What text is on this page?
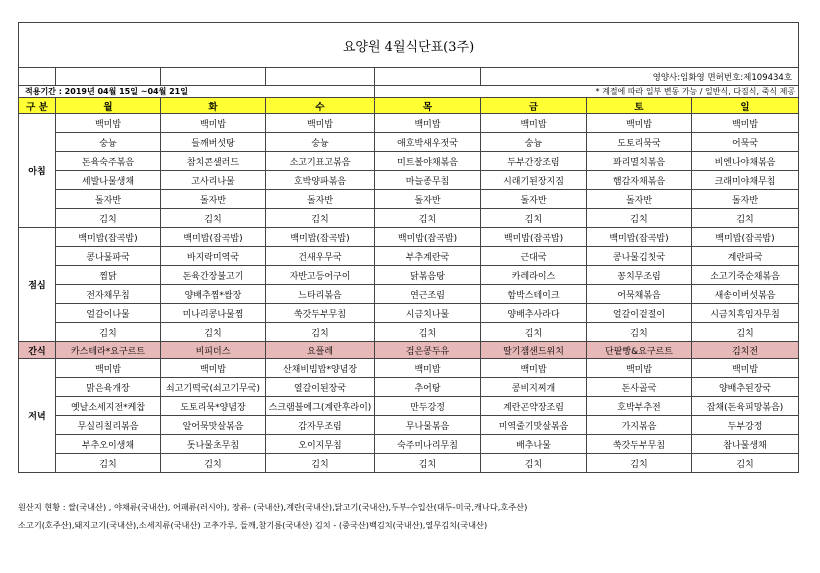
요양원 4월식단표(3주)							
					영양사:임화영 면허번호:제109434호		
적용기간 : 2019년 04월 15일 ~04월 21일				* 계절에 따라 일부 변동 가능 / 일반식, 다짐식, 죽식 제공			
구 분	월	화	수	목	금	토	일
아침	백미밥	백미밥	백미밥	백미밥	백미밥	백미밥	백미밥
	숭늉	들깨버섯탕	숭늉	애호박새우젓국	숭늉	도토리묵국	어묵국
	돈육숙주볶음	참치콘샐러드	소고기표고볶음	미트볼야채볶음	두부간장조림	꽈리멸치볶음	비엔나야채볶음
	세발나물생채	고사리나물	호박양파볶음	마늘종무침	시래기된장지짐	햄감자채볶음	크래미야채무침
	돌자반	돌자반	돌자반	돌자반	돌자반	돌자반	돌자반
	김치	김치	김치	김치	김치	김치	김치
점심	백미밥(잡곡밥)	백미밥(잡곡밥)	백미밥(잡곡밥)	백미밥(잡곡밥)	백미밥(잡곡밥)	백미밥(잡곡밥)	백미밥(잡곡밥)
	콩나물파국	바지락미역국	건새우무국	부추계란국	근대국	콩나물김칫국	계란파국
	찜닭	돈육간장불고기	자반고등어구이	닭볶음탕	카레라이스	꽁치무조림	소고기죽순채볶음
	전자채무침	양배추찜*쌈장	느타리볶음	연근조림	함박스테이크	어묵채볶음	새송이버섯볶음
	얼갈이나물	미나리콩나물찜	쑥갓두부무침	시금치나물	양배추사라다	얼갈이겉절이	시금치흑임자무침
	김치	김치	김치	김치	김치	김치	김치
간식	카스테라*요구르트	비피더스	요플레	검은콩두유	딸기잼샌드위치	단팥빵&요구르트	김치전
저녁	백미밥	백미밥	산채비빔밥*양념장	백미밥	백미밥	백미밥	백미밥
	맑은육개장	쇠고기떡국(쇠고기무국)	열갈이된장국	추어탕	콩비지찌개	돈사골국	양배추된장국
	옛날소세지전*케찹	도토리묵*양념장	스크램블에그(계란후라이)	만두강정	계란곤약장조림	호박부추전	잡채(돈육피망볶음)
	무실리칠리볶음	알어묵맛살볶음	감자무조림	무나물볶음	미역줄기맛살볶음	가지볶음	두부강정
	부추오이생채	돗나물초무침	오이지무침	숙주미나리무침	배추나물	쑥갓두부무침	참나물생채
	김치	김치	김치	김치	김치	김치	김치
원산지 현황 : 쌀(국내산) , 야채류(국내산), 어패류(러시아), 장류- (국내산),계란(국내산),닭고기(국내산),두부-수입산(대두-미국,캐나다,호주산)
소고기(호주산),돼지고기(국내산),소세지류(국내산) 고추가루, 들깨,참기름(국내산) 김치 - (중국산)백김치(국내산),열무김치(국내산)
